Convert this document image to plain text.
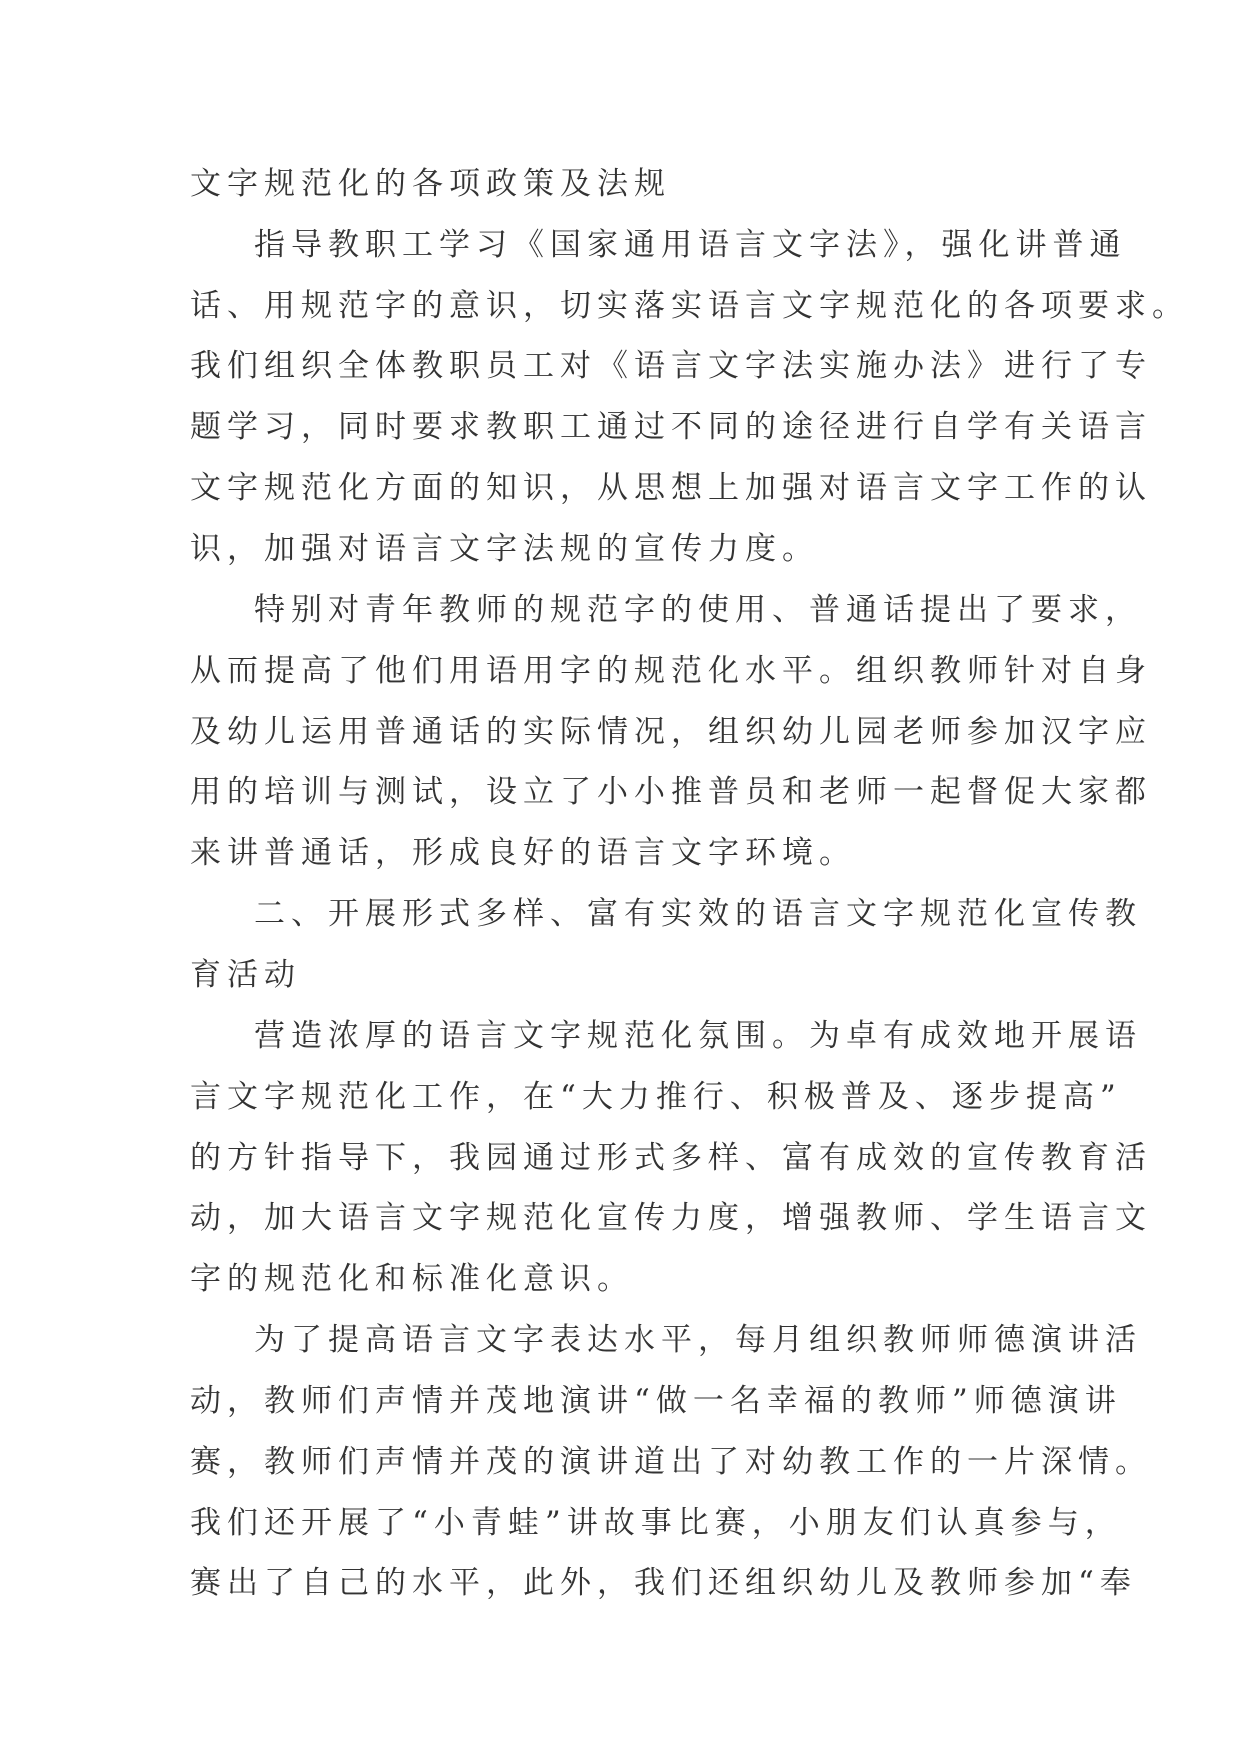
文字规范化的各项政策及法规

指导教职工学习《国家通用语言文字法》，强化讲普通

话、用规范字的意识，切实落实语言文字规范化的各项要求。

我们组织全体教职员工对《语言文字法实施办法》进行了专

题学习，同时要求教职工通过不同的途径进行自学有关语言

文字规范化方面的知识，从思想上加强对语言文字工作的认

识，加强对语言文字法规的宣传力度。

特别对青年教师的规范字的使用、普通话提出了要求，

从而提高了他们用语用字的规范化水平。组织教师针对自身

及幼儿运用普通话的实际情况，组织幼儿园老师参加汉字应

用的培训与测试，设立了小小推普员和老师一起督促大家都

来讲普通话，形成良好的语言文字环境。

二、开展形式多样、富有实效的语言文字规范化宣传教

育活动

营造浓厚的语言文字规范化氛围。为卓有成效地开展语

言文字规范化工作，在“大力推行、积极普及、逐步提高”

的方针指导下，我园通过形式多样、富有成效的宣传教育活

动，加大语言文字规范化宣传力度，增强教师、学生语言文

字的规范化和标准化意识。

为了提高语言文字表达水平，每月组织教师师德演讲活

动，教师们声情并茂地演讲“做一名幸福的教师”师德演讲

赛，教师们声情并茂的演讲道出了对幼教工作的一片深情。

我们还开展了“小青蛙”讲故事比赛，小朋友们认真参与，

赛出了自己的水平，此外，我们还组织幼儿及教师参加“奉
